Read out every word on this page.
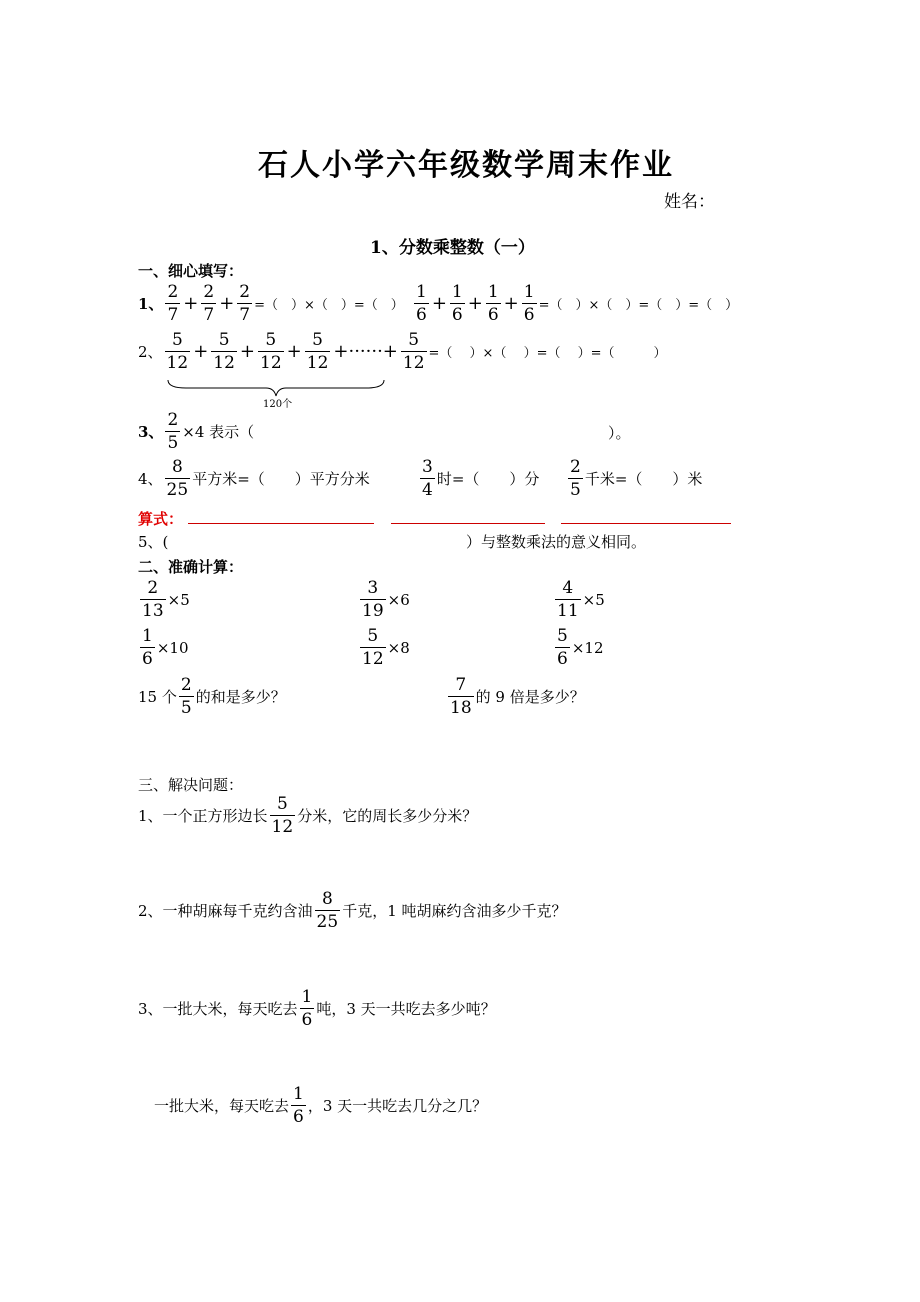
石人小学六年级数学周末作业
姓名：
1、分数乘整数（一）
一、细心填写：
1、 $\frac{2}{7} + \frac{2}{7} + \frac{2}{7}$ =（　）×（　）=（　） $\frac{1}{6} + \frac{1}{6} + \frac{1}{6} + \frac{1}{6}$ =（　）×（　）=（　）=（　）
2、 $\frac{5}{12} + \frac{5}{12} + \frac{5}{12} + \frac{5}{12}$ +······+ $\frac{5}{12}$ =（　 ）×（　 ）=（　 ）=（　　　）
120个
3、 $\frac{2}{5} \times 4$ 表示（	）。
4、 $\frac{8}{25}$ 平方米=（　　）平方分米	$\frac{3}{4}$ 时=（　　）分 $\frac{2}{5}$ 千米=（　　）米
算式：
5、(	）与整数乘法的意义相同。
二、准确计算：
$\frac{2}{13} \times 5$	$\frac{3}{19} \times 6$	$\frac{4}{11} \times 5$
$\frac{1}{6} \times 10$	$\frac{5}{12} \times 8$	$\frac{5}{6} \times 12$
15 个 $\frac{2}{5}$ 的和是多少？	$\frac{7}{18}$ 的 9 倍是多少？
三、解决问题：
1、一个正方形边长 $\frac{5}{12}$ 分米，它的周长多少分米？
2、一种胡麻每千克约含油 $\frac{8}{25}$ 千克，1 吨胡麻约含油多少千克？
3、一批大米，每天吃去 $\frac{1}{6}$ 吨，3 天一共吃去多少吨？
一批大米，每天吃去 $\frac{1}{6}$ ，3 天一共吃去几分之几？
